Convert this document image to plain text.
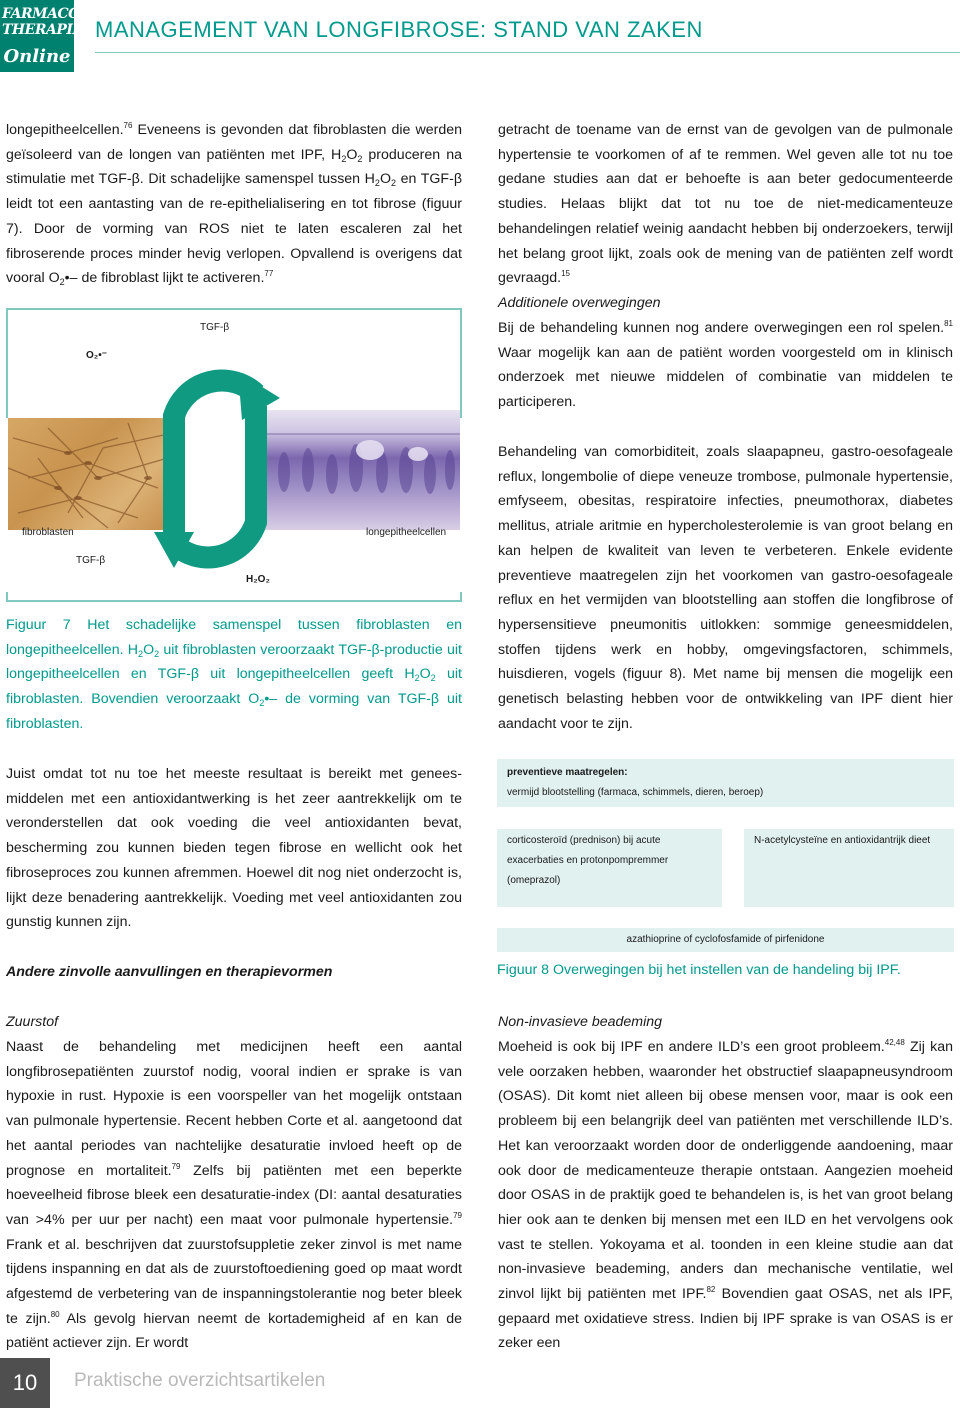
FARMACO
THERAPIE
Online
MANAGEMENT VAN LONGFIBROSE: STAND VAN ZAKEN

longepitheelcellen.$^{76}$ Eveneens is gevonden dat fibroblasten die werden geïsoleerd van de longen van patiënten met IPF, $H_2O_2$ produceren na stimulatie met TGF-β. Dit schadelijke samenspel tussen $H_2O_2$ en TGF-β leidt tot een aantasting van de re-epithelialisering en tot fibrose (figuur 7). Door de vorming van ROS niet te laten escaleren zal het fibroserende proces minder hevig verlopen. Opvallend is overigens dat vooral $O_2•-$ de fibroblast lijkt te activeren.$^{77}$

O₂•⁻
TGF-β
fibroblasten	longepitheelcellen
TGF-β
H₂O₂
Figuur 7 Het schadelijke samenspel tussen fibroblasten en longepitheelcellen. $H_2O_2$ uit fibroblasten veroorzaakt TGF-β-productie uit longepitheelcellen en TGF-β uit longepitheelcellen geeft $H_2O_2$ uit fibroblasten. Bovendien veroorzaakt $O_2•-$ de vorming van TGF-β uit fibroblasten.

Juist omdat tot nu toe het meeste resultaat is bereikt met geneesmiddelen met een antioxidantwerking is het zeer aantrekkelijk om te veronderstellen dat ook voeding die veel antioxidanten bevat, bescherming zou kunnen bieden tegen fibrose en wellicht ook het fibroseproces zou kunnen afremmen. Hoewel dit nog niet onderzocht is, lijkt deze benadering aantrekkelijk. Voeding met veel antioxidanten zou gunstig kunnen zijn.

Andere zinvolle aanvullingen en therapievormen
Zuurstof

Naast de behandeling met medicijnen heeft een aantal longfibrosepatiënten zuurstof nodig, vooral indien er sprake is van hypoxie in rust. Hypoxie is een voorspeller van het mogelijk ontstaan van pulmonale hypertensie. Recent hebben Corte et al. aangetoond dat het aantal periodes van nachtelijke desaturatie invloed heeft op de prognose en mortaliteit.$^{79}$ Zelfs bij patiënten met een beperkte hoeveelheid fibrose bleek een desaturatie-index (DI: aantal desaturaties van >4% per uur per nacht) een maat voor pulmonale hypertensie.$^{79}$ Frank et al. beschrijven dat zuurstofsuppletie zeker zinvol is met name tijdens inspanning en dat als de zuurstoftoediening goed op maat wordt afgestemd de verbetering van de inspanningstolerantie nog beter bleek te zijn.$^{80}$ Als gevolg hiervan neemt de kortademigheid af en kan de patiënt actiever zijn. Er wordt

getracht de toename van de ernst van de gevolgen van de pulmonale hypertensie te voorkomen of af te remmen. Wel geven alle tot nu toe gedane studies aan dat er behoefte is aan beter gedocumenteerde studies. Helaas blijkt dat tot nu toe de niet-medicamenteuze behandelingen relatief weinig aandacht hebben bij onderzoekers, terwijl het belang groot lijkt, zoals ook de mening van de patiënten zelf wordt gevraagd.$^{15}$

Additionele overwegingen

Bij de behandeling kunnen nog andere overwegingen een rol spelen.$^{81}$ Waar mogelijk kan aan de patiënt worden voorgesteld om in klinisch onderzoek met nieuwe middelen of combinatie van middelen te participeren.

Behandeling van comorbiditeit, zoals slaapapneu, gastro-oesofageale reflux, longembolie of diepe veneuze trombose, pulmonale hypertensie, emfyseem, obesitas, respiratoire infecties, pneumothorax, diabetes mellitus, atriale aritmie en hypercholesterolemie is van groot belang en kan helpen de kwaliteit van leven te verbeteren. Enkele evidente preventieve maatregelen zijn het voorkomen van gastro-oesofageale reflux en het vermijden van blootstelling aan stoffen die longfibrose of hypersensitieve pneumonitis uitlokken: sommige geneesmiddelen, stoffen tijdens werk en hobby, omgevingsfactoren, schimmels, huisdieren, vogels (figuur 8). Met name bij mensen die mogelijk een genetisch belasting hebben voor de ontwikkeling van IPF dient hier aandacht voor te zijn.

preventieve maatregelen:
vermijd blootstelling (farmaca, schimmels, dieren, beroep)
corticosteroïd (prednison) bij acute exacerbaties en protonpompremmer (omeprazol)
N-acetylcysteïne en antioxidantrijk dieet
azathioprine of cyclofosfamide of pirfenidone
Figuur 8 Overwegingen bij het instellen van de handeling bij IPF.
Non-invasieve beademing

Moeheid is ook bij IPF en andere ILD’s een groot probleem.$^{42,48}$ Zij kan vele oorzaken hebben, waaronder het obstructief slaapapneusyndroom (OSAS). Dit komt niet alleen bij obese mensen voor, maar is ook een probleem bij een belangrijk deel van patiënten met verschillende ILD’s. Het kan veroorzaakt worden door de onderliggende aandoening, maar ook door de medicamenteuze therapie ontstaan. Aangezien moeheid door OSAS in de praktijk goed te behandelen is, is het van groot belang hier ook aan te denken bij mensen met een ILD en het vervolgens ook vast te stellen. Yokoyama et al. toonden in een kleine studie aan dat non-invasieve beademing, anders dan mechanische ventilatie, wel zinvol lijkt bij patiënten met IPF.$^{82}$ Bovendien gaat OSAS, net als IPF, gepaard met oxidatieve stress. Indien bij IPF sprake is van OSAS is er zeker een

10	Praktische overzichtsartikelen
